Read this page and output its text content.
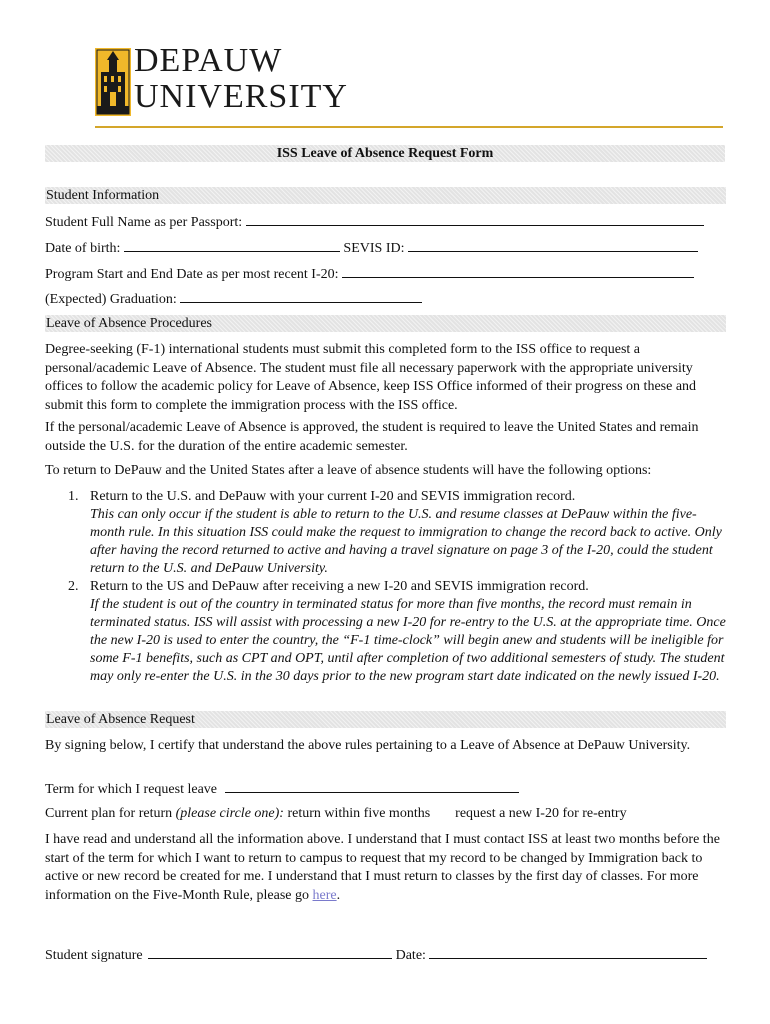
DEPAUW
UNIVERSITY
ISS Leave of Absence Request Form
Student Information
Student Full Name as per Passport:
Date of birth:	SEVIS ID:
Program Start and End Date as per most recent I-20:
(Expected) Graduation:
Leave of Absence Procedures
Degree-seeking (F-1) international students must submit this completed form to the ISS office to request a personal/academic Leave of Absence. The student must file all necessary paperwork with the appropriate university offices to follow the academic policy for Leave of Absence, keep ISS Office informed of their progress on these and submit this form to complete the immigration process with the ISS office.
If the personal/academic Leave of Absence is approved, the student is required to leave the United States and remain outside the U.S. for the duration of the entire academic semester.
To return to DePauw and the United States after a leave of absence students will have the following options:
1. Return to the U.S. and DePauw with your current I-20 and SEVIS immigration record.
This can only occur if the student is able to return to the U.S. and resume classes at DePauw within the five-month rule. In this situation ISS could make the request to immigration to change the record back to active. Only after having the record returned to active and having a travel signature on page 3 of the I-20, could the student return to the U.S. and DePauw University.
2. Return to the US and DePauw after receiving a new I-20 and SEVIS immigration record.
If the student is out of the country in terminated status for more than five months, the record must remain in terminated status. ISS will assist with processing a new I-20 for re-entry to the U.S. at the appropriate time. Once the new I-20 is used to enter the country, the “F-1 time-clock” will begin anew and students will be ineligible for some F-1 benefits, such as CPT and OPT, until after completion of two additional semesters of study. The student may only re-enter the U.S. in the 30 days prior to the new program start date indicated on the newly issued I-20.
Leave of Absence Request
By signing below, I certify that understand the above rules pertaining to a Leave of Absence at DePauw University.
Term for which I request leave
Current plan for return (please circle one): return within five months request a new I-20 for re-entry
I have read and understand all the information above. I understand that I must contact ISS at least two months before the start of the term for which I want to return to campus to request that my record to be changed by Immigration back to active or new record be created for me. I understand that I must return to classes by the first day of classes. For more information on the Five-Month Rule, please go here.
Student signature	Date:
